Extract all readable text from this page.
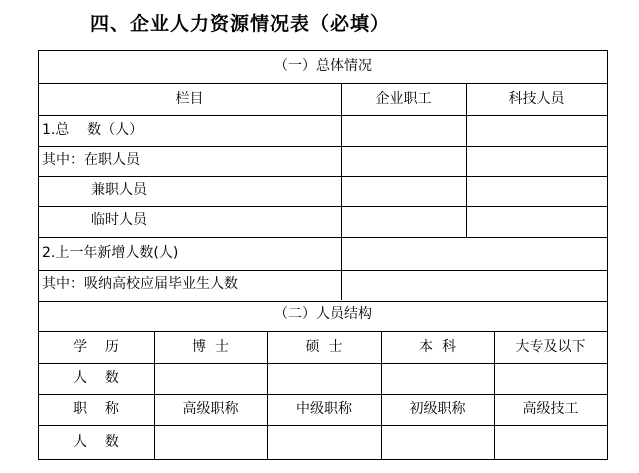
四、企业人力资源情况表（必填）
（一）总体情况
栏目	企业职工	科技人员
1.总    数（人）
其中：在职人员
兼职人员
临时人员
2.上一年新增人数(人)
其中：吸纳高校应届毕业生人数
（二）人员结构
学    历	博  士	硕  士	本  科	大专及以下
人    数
职    称	高级职称	中级职称	初级职称	高级技工
人    数
